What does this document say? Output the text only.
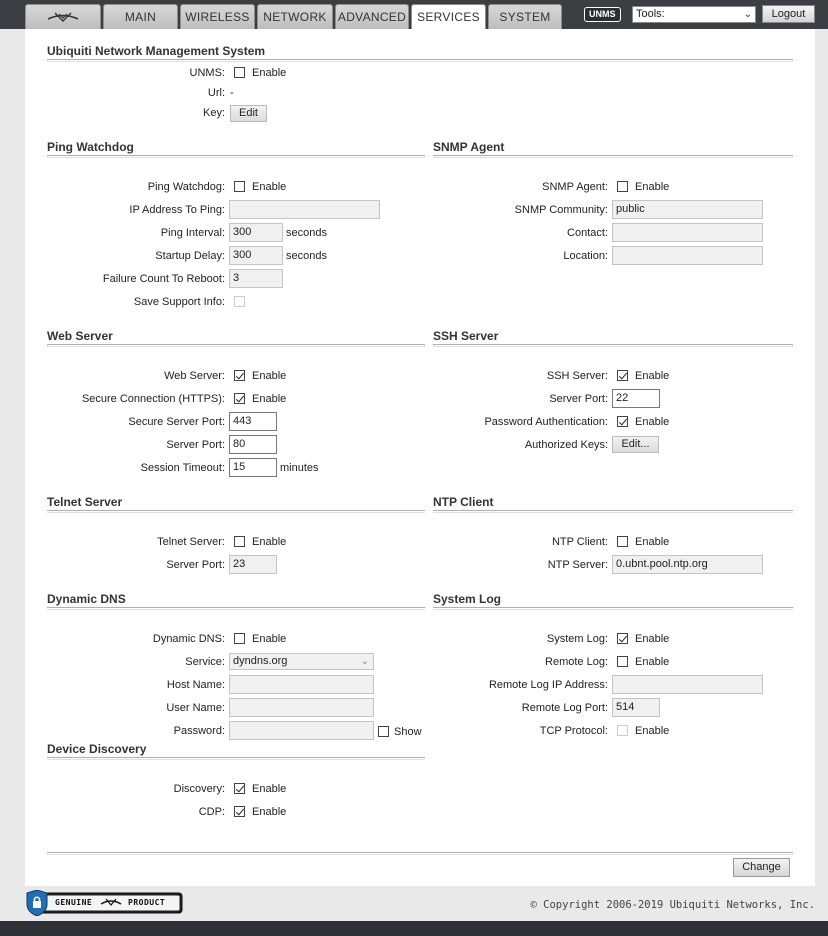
MAIN	WIRELESS	NETWORK ADVANCED SERVICES	SYSTEM	UNMS	Tools:	⌄	Logout
Ubiquiti Network Management System
UNMS: Enable
Url: -
Key:	Edit
Ping Watchdog
Ping Watchdog: Enable
IP Address To Ping:
Ping Interval: 300	seconds
Startup Delay: 300	seconds
Failure Count To Reboot: 3
Save Support Info:
SNMP Agent
SNMP Agent: Enable
SNMP Community: public
Contact:
Location:
Web Server
Web Server: Enable
Secure Connection (HTTPS): Enable
Secure Server Port: 443
Server Port: 80
Session Timeout: 15	minutes
SSH Server
SSH Server: Enable
Server Port: 22
Password Authentication: Enable
Authorized Keys:	Edit...
Telnet Server
Telnet Server: Enable
Server Port: 23
NTP Client
NTP Client: Enable
NTP Server: 0.ubnt.pool.ntp.org
Dynamic DNS
Dynamic DNS: Enable
Service: dyndns.org	⌄
Host Name:
User Name:
Password:	Show
System Log
System Log: Enable
Remote Log: Enable
Remote Log IP Address:
Remote Log Port: 514
TCP Protocol: Enable
Device Discovery
Discovery: Enable
CDP: Enable
Change
GENUINE	PRODUCT	© Copyright 2006-2019 Ubiquiti Networks, Inc.
